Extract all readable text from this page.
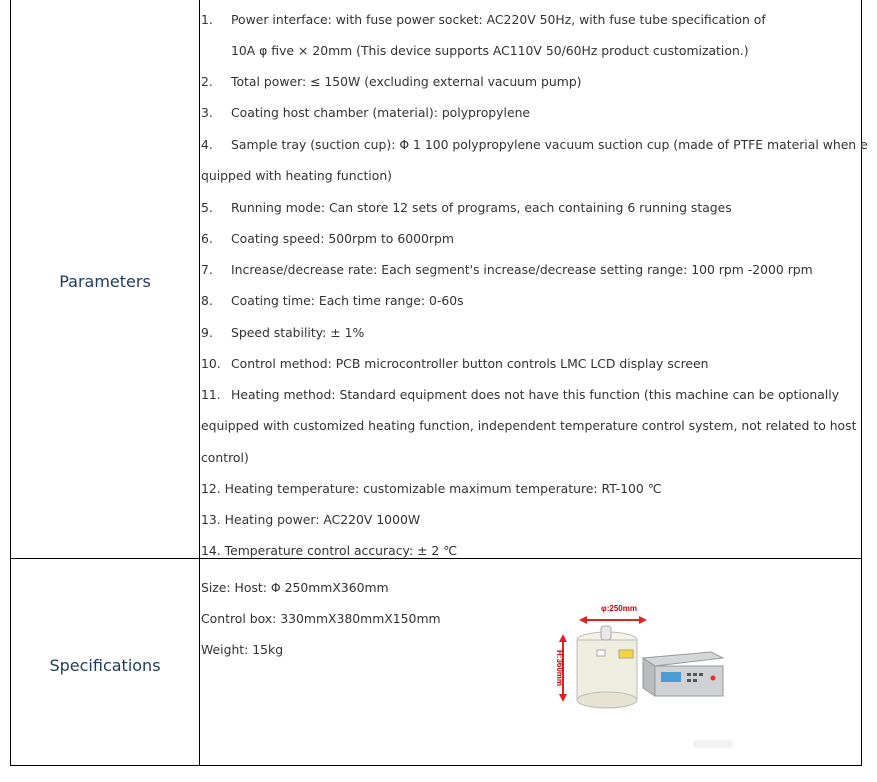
Parameters
Specifications
1. Power interface: with fuse power socket: AC220V 50Hz, with fuse tube specification of
10A φ five × 20mm (This device supports AC110V 50/60Hz product customization.)
2. Total power: ≤ 150W (excluding external vacuum pump)
3. Coating host chamber (material): polypropylene
4. Sample tray (suction cup): Φ 1 100 polypropylene vacuum suction cup (made of PTFE material when e
quipped with heating function)
5. Running mode: Can store 12 sets of programs, each containing 6 running stages
6. Coating speed: 500rpm to 6000rpm
7. Increase/decrease rate: Each segment's increase/decrease setting range: 100 rpm -2000 rpm
8. Coating time: Each time range: 0-60s
9. Speed stability: ± 1%
10. Control method: PCB microcontroller button controls LMC LCD display screen
11. Heating method: Standard equipment does not have this function (this machine can be optionally
equipped with customized heating function, independent temperature control system, not related to host
control)
12. Heating temperature: customizable maximum temperature: RT-100 ℃
13. Heating power: AC220V 1000W
14. Temperature control accuracy: ± 2 ℃
Size: Host: Φ 250mmX360mm
Control box: 330mmX380mmX150mm
Weight: 15kg
φ:250mm
H:360mm
